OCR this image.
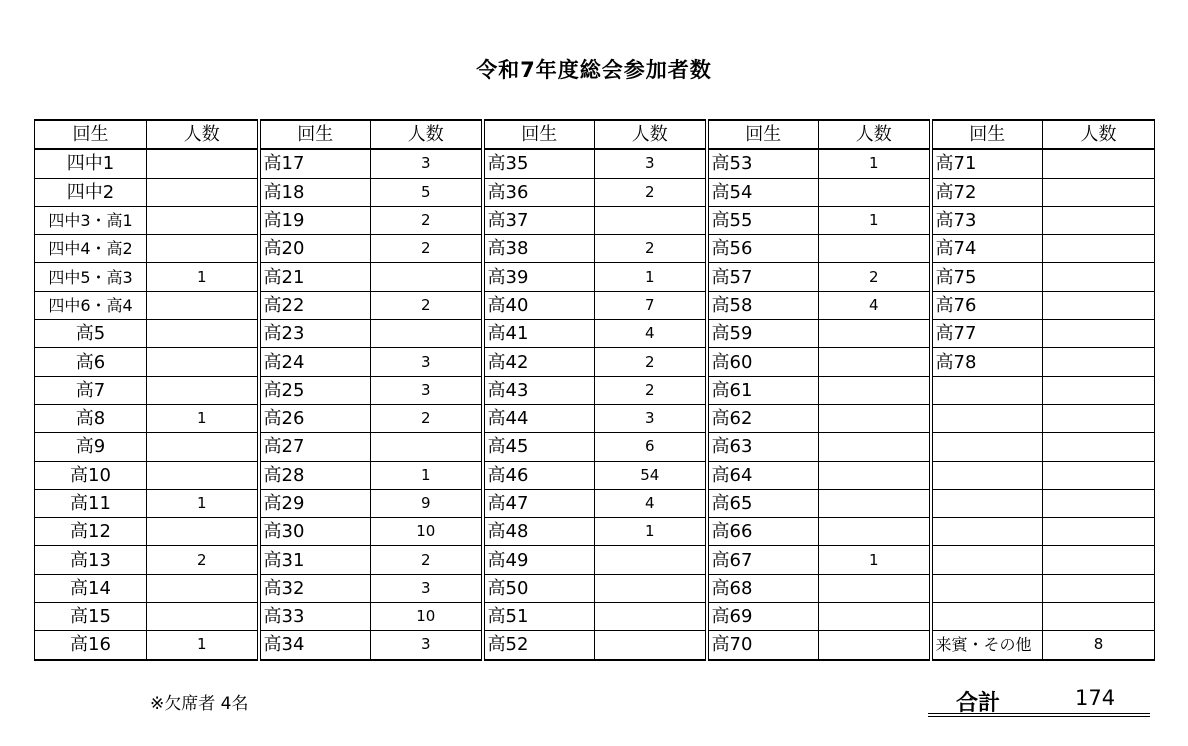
令和7年度総会参加者数
回生	人数	回生	人数	回生	人数	回生	人数	回生	人数
四中1		高17	3	高35	3	高53	1	高71	
四中2		高18	5	高36	2	高54		高72	
四中3・高1		高19	2	高37		高55	1	高73	
四中4・高2		高20	2	高38	2	高56		高74	
四中5・高3	1	高21		高39	1	高57	2	高75	
四中6・高4		高22	2	高40	7	高58	4	高76	
高5		高23		高41	4	高59		高77	
高6		高24	3	高42	2	高60		高78	
高7		高25	3	高43	2	高61			
高8	1	高26	2	高44	3	高62			
高9		高27		高45	6	高63			
高10		高28	1	高46	54	高64			
高11	1	高29	9	高47	4	高65			
高12		高30	10	高48	1	高66			
高13	2	高31	2	高49		高67	1		
高14		高32	3	高50		高68			
高15		高33	10	高51		高69			
高16	1	高34	3	高52		高70		来賓・その他	8
※欠席者 4名	合計	174
